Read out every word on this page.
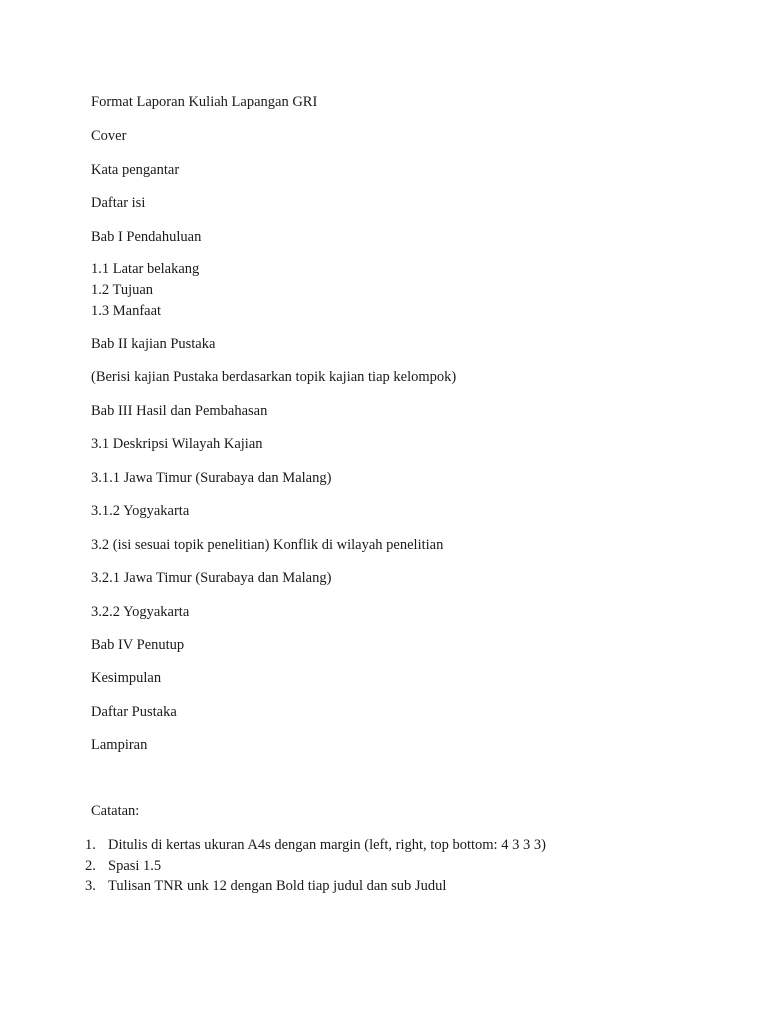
Format Laporan Kuliah Lapangan GRI

Cover

Kata pengantar

Daftar isi

Bab I Pendahuluan

1.1 Latar belakang

1.2 Tujuan

1.3 Manfaat

Bab II kajian Pustaka

(Berisi kajian Pustaka berdasarkan topik kajian tiap kelompok)

Bab III Hasil dan Pembahasan

3.1 Deskripsi Wilayah Kajian

3.1.1 Jawa Timur (Surabaya dan Malang)

3.1.2 Yogyakarta

3.2 (isi sesuai topik penelitian) Konflik di wilayah penelitian

3.2.1 Jawa Timur (Surabaya dan Malang)

3.2.2 Yogyakarta

Bab IV Penutup

Kesimpulan

Daftar Pustaka

Lampiran

Catatan:

1. Ditulis di kertas ukuran A4s dengan margin (left, right, top bottom: 4 3 3 3)
2. Spasi 1.5
3. Tulisan TNR unk 12 dengan Bold tiap judul dan sub Judul
